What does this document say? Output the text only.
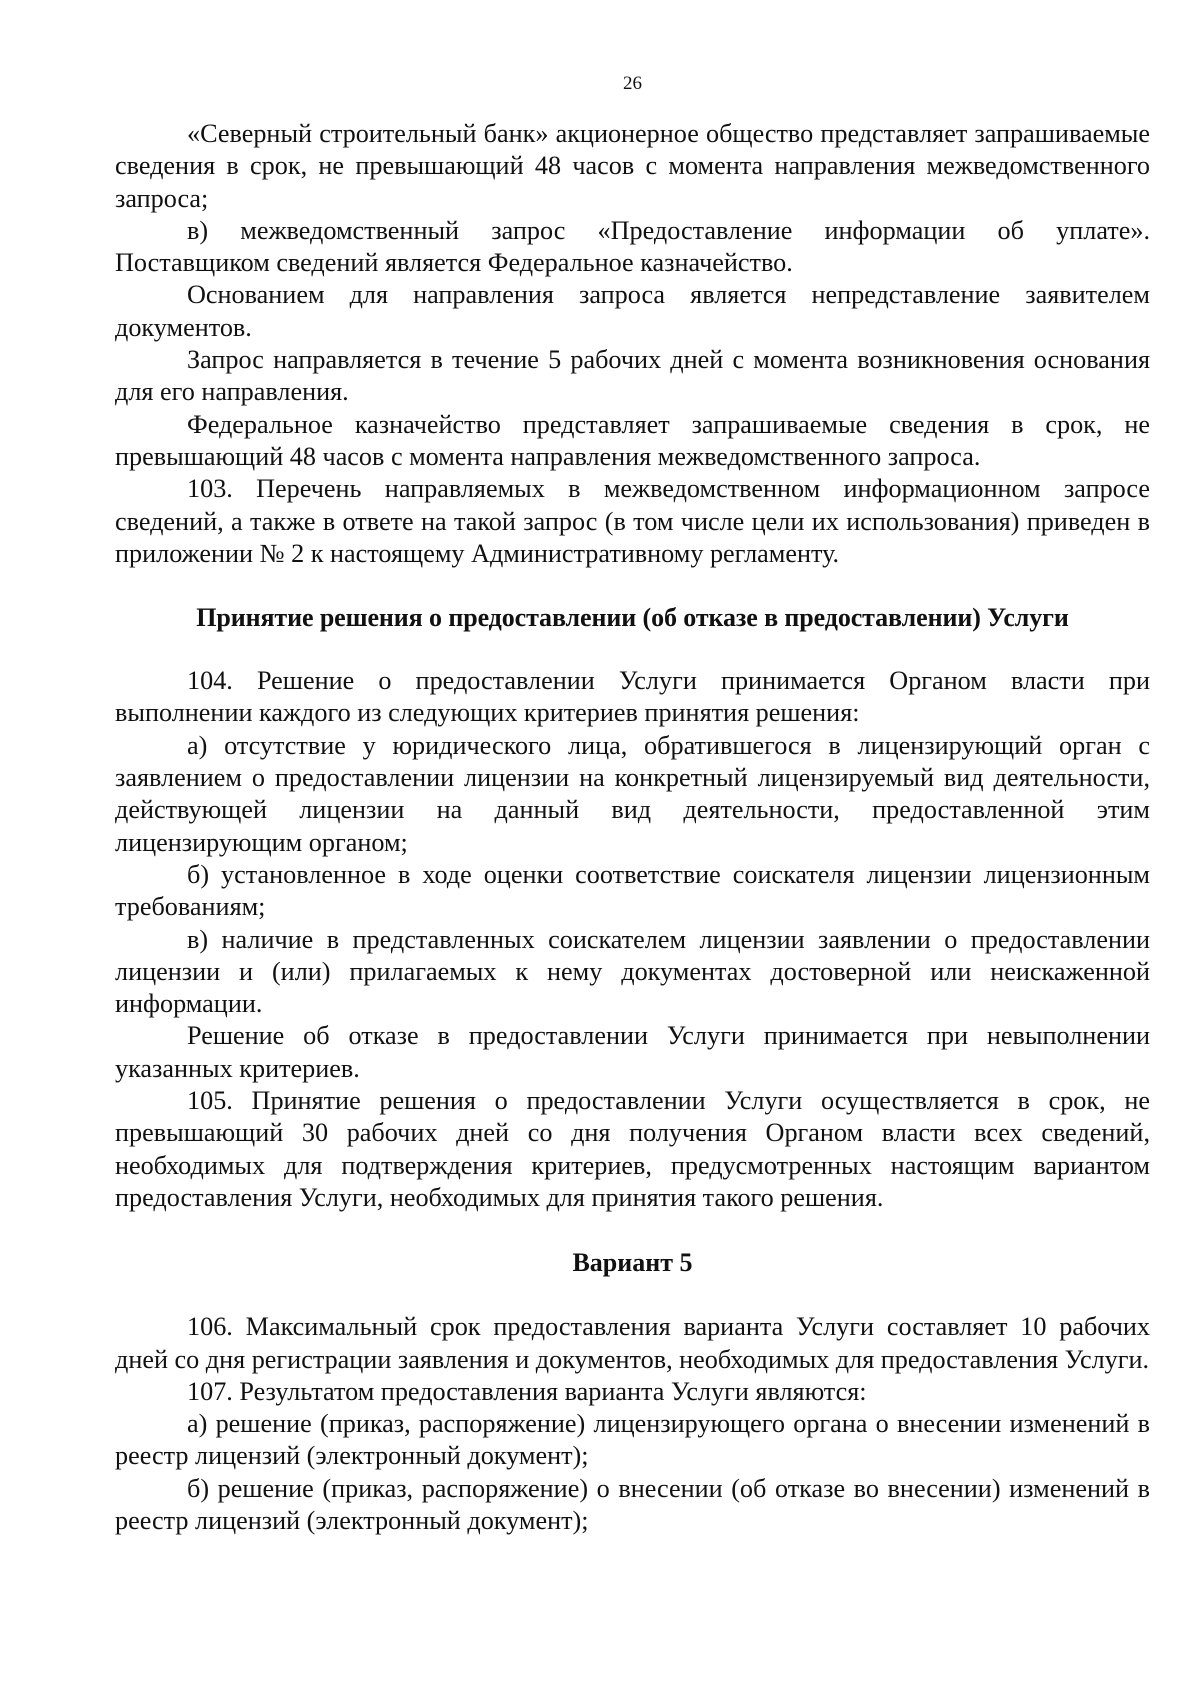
26

«Северный строительный банк» акционерное общество представляет запрашиваемые сведения в срок, не превышающий 48 часов с момента направления межведомственного запроса;

в) межведомственный запрос «Предоставление информации об уплате». Поставщиком сведений является Федеральное казначейство.

Основанием для направления запроса является непредставление заявителем документов.

Запрос направляется в течение 5 рабочих дней с момента возникновения основания для его направления.

Федеральное казначейство представляет запрашиваемые сведения в срок, не превышающий 48 часов с момента направления межведомственного запроса.

103. Перечень направляемых в межведомственном информационном запросе сведений, а также в ответе на такой запрос (в том числе цели их использования) приведен в приложении № 2 к настоящему Административному регламенту.

Принятие решения о предоставлении (об отказе в предоставлении) Услуги

104. Решение о предоставлении Услуги принимается Органом власти при выполнении каждого из следующих критериев принятия решения:

а) отсутствие у юридического лица, обратившегося в лицензирующий орган с заявлением о предоставлении лицензии на конкретный лицензируемый вид деятельности, действующей лицензии на данный вид деятельности, предоставленной этим лицензирующим органом;

б) установленное в ходе оценки соответствие соискателя лицензии лицензионным требованиям;

в) наличие в представленных соискателем лицензии заявлении о предоставлении лицензии и (или) прилагаемых к нему документах достоверной или неискаженной информации.

Решение об отказе в предоставлении Услуги принимается при невыполнении указанных критериев.

105. Принятие решения о предоставлении Услуги осуществляется в срок, не превышающий 30 рабочих дней со дня получения Органом власти всех сведений, необходимых для подтверждения критериев, предусмотренных настоящим вариантом предоставления Услуги, необходимых для принятия такого решения.

Вариант 5

106. Максимальный срок предоставления варианта Услуги составляет 10 рабочих дней со дня регистрации заявления и документов, необходимых для предоставления Услуги.

107. Результатом предоставления варианта Услуги являются:

а) решение (приказ, распоряжение) лицензирующего органа о внесении изменений в реестр лицензий (электронный документ);

б) решение (приказ, распоряжение) о внесении (об отказе во внесении) изменений в реестр лицензий (электронный документ);
